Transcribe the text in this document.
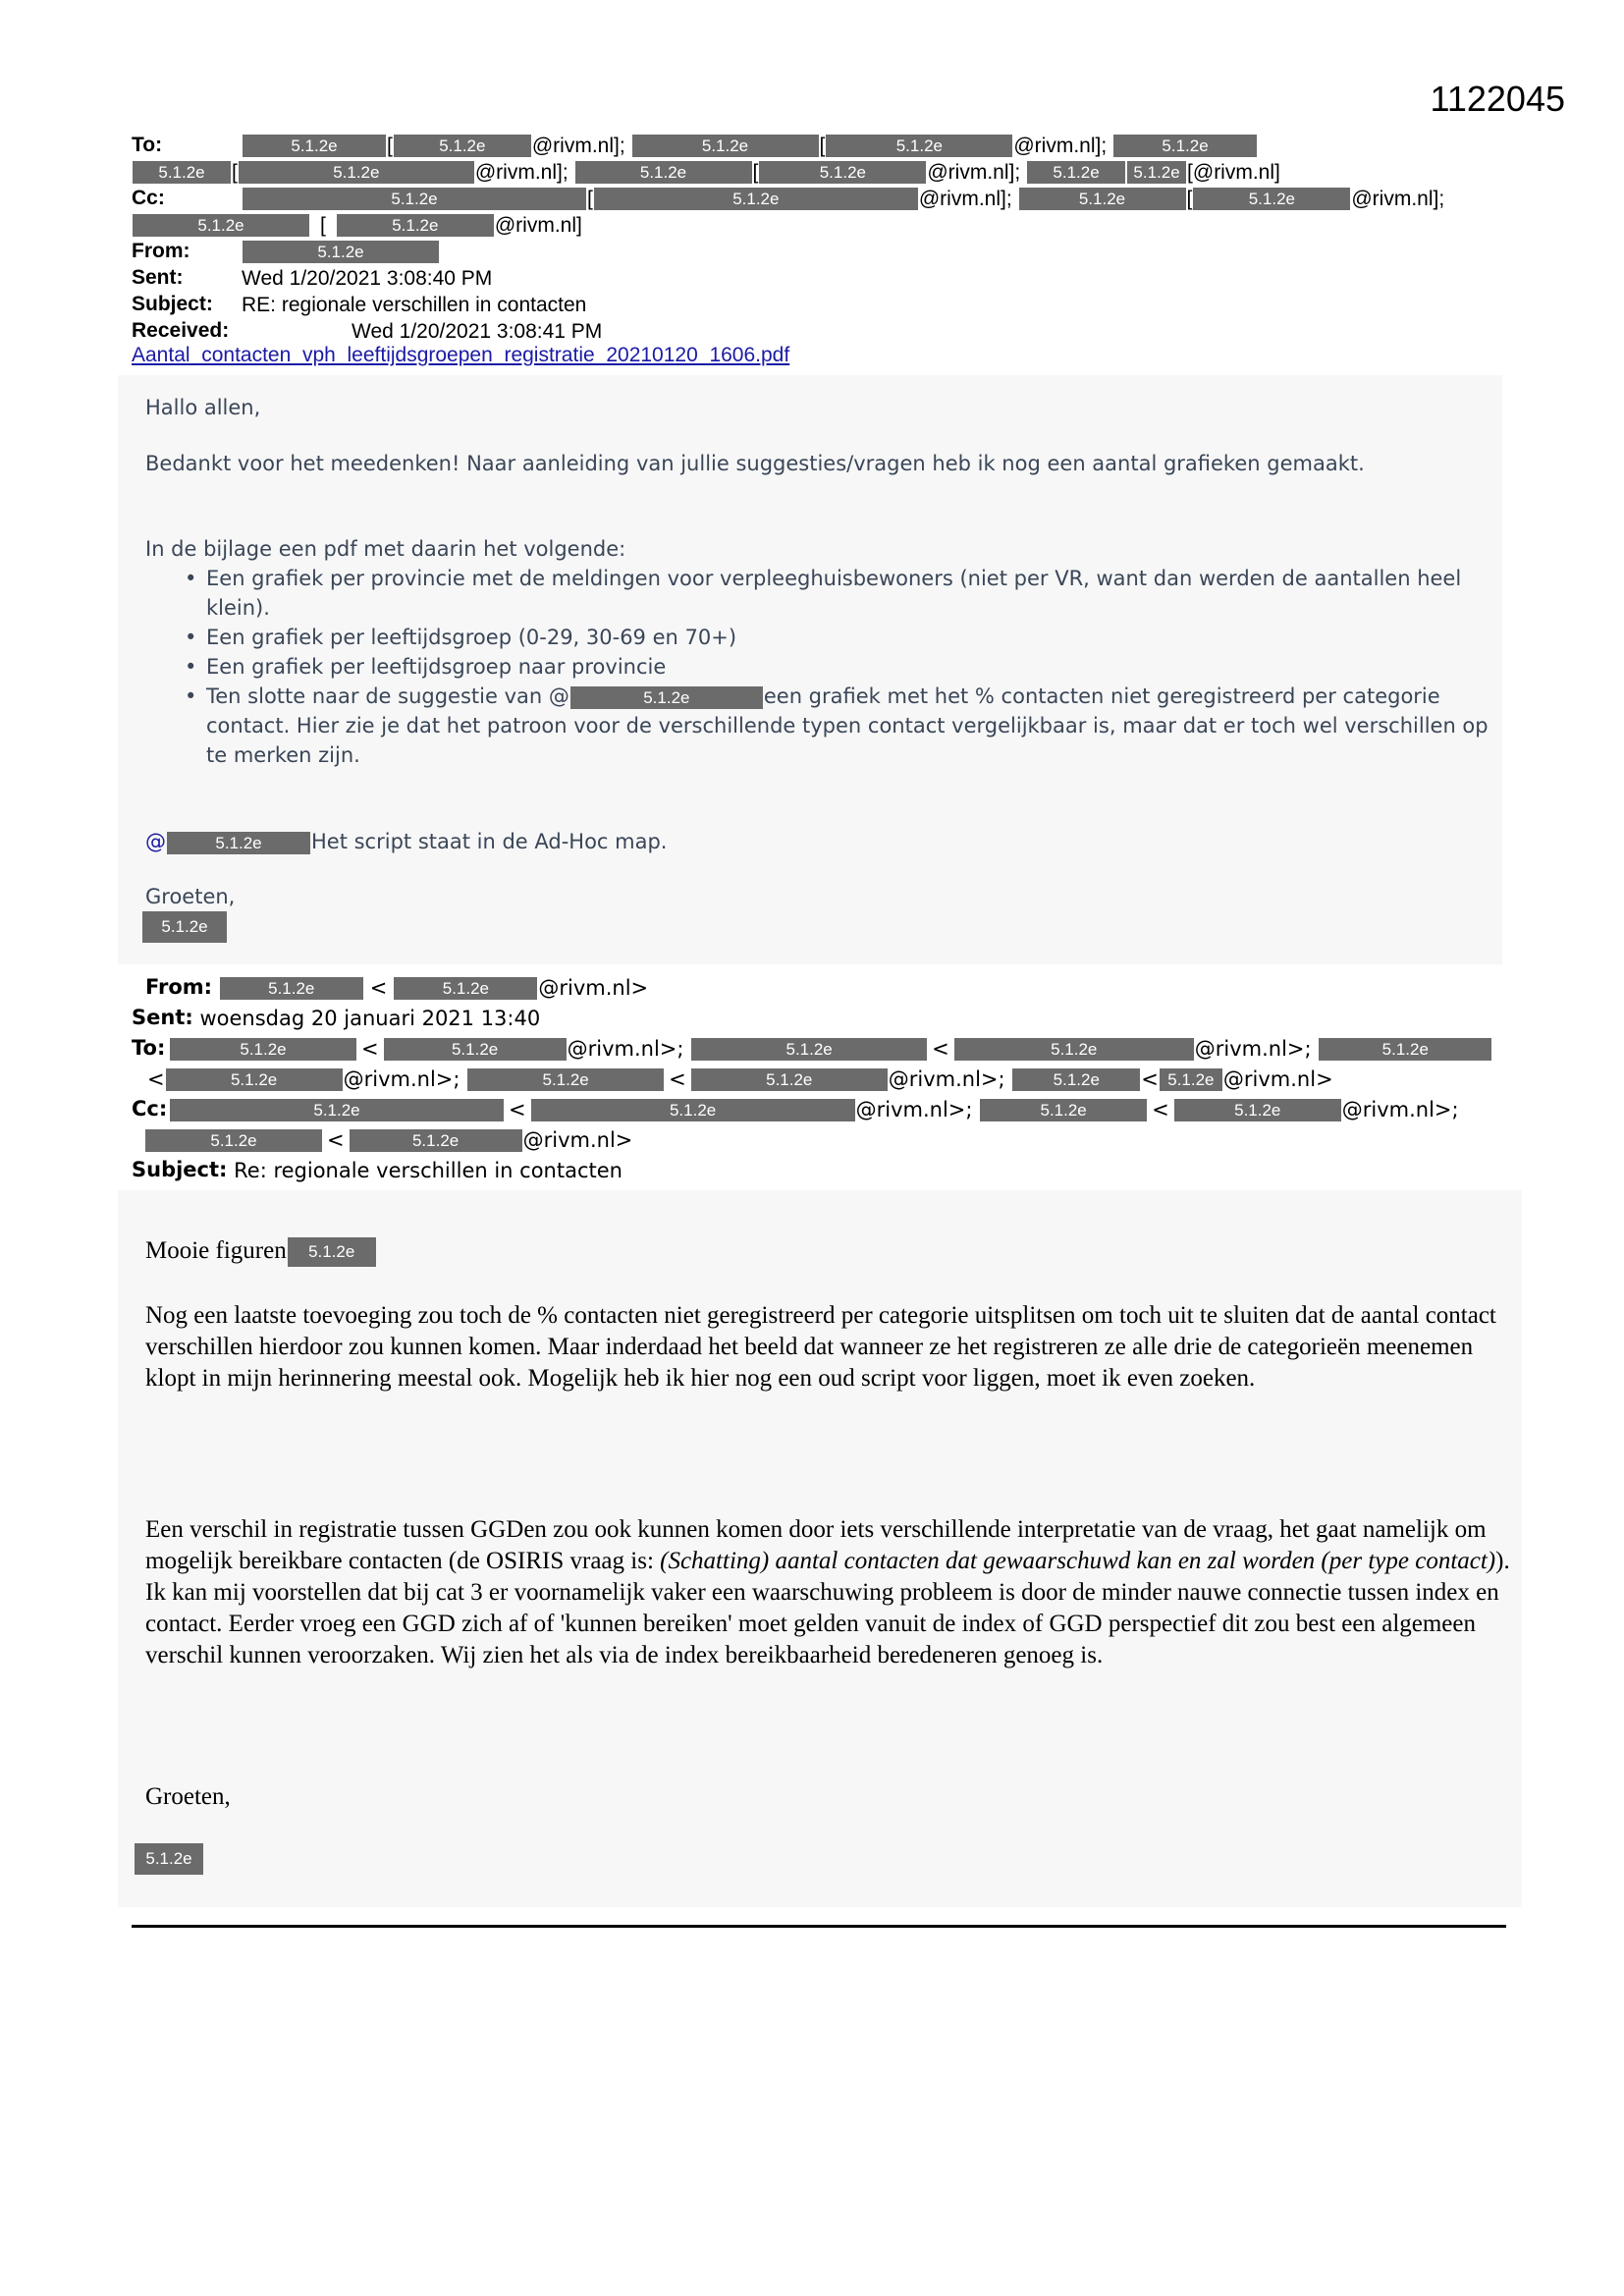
1122045
To:	5.1.2e [	5.1.2e @rivm.nl];	5.1.2e	[	5.1.2e	@rivm.nl];	5.1.2e
5.1.2e [	5.1.2e	@rivm.nl];	5.1.2e	[	5.1.2e	@rivm.nl]; 5.1.2e 5.1.2e [@rivm.nl]
Cc:	5.1.2e	[	5.1.2e	@rivm.nl];	5.1.2e	[	5.1.2e	@rivm.nl];
5.1.2e	[	5.1.2e	@rivm.nl]
From:	5.1.2e
Sent:	Wed 1/20/2021 3:08:40 PM
Subject: RE: regionale verschillen in contacten
Received:	Wed 1/20/2021 3:08:41 PM
Aantal_contacten_vph_leeftijdsgroepen_registratie_20210120_1606.pdf

Hallo allen,

Bedankt voor het meedenken! Naar aanleiding van jullie suggesties/vragen heb ik nog een aantal grafieken gemaakt.

In de bijlage een pdf met daarin het volgende:

• Een grafiek per provincie met de meldingen voor verpleeghuisbewoners (niet per VR, want dan werden de aantallen heel klein).
• Een grafiek per leeftijdsgroep (0-29, 30-69 en 70+)
• Een grafiek per leeftijdsgroep naar provincie
• Ten slotte naar de suggestie van @	5.1.2e	een grafiek met het % contacten niet geregistreerd per categorie contact. Hier zie je dat het patroon voor de verschillende typen contact vergelijkbaar is, maar dat er toch wel verschillen op te merken zijn.

@	5.1.2e Het script staat in de Ad-Hoc map.

Groeten,

5.1.2e

From:	5.1.2e	<	5.1.2e @rivm.nl>
Sent: woensdag 20 januari 2021 13:40
To:	5.1.2e	<	5.1.2e	@rivm.nl>;	5.1.2e	<	5.1.2e	@rivm.nl>;	5.1.2e
<	5.1.2e	@rivm.nl>;	5.1.2e	<	5.1.2e	@rivm.nl>;	5.1.2e < 5.1.2e @rivm.nl>
Cc:	5.1.2e	<	5.1.2e	@rivm.nl>;	5.1.2e	<	5.1.2e	@rivm.nl>;
5.1.2e	<	5.1.2e	@rivm.nl>
Subject: Re: regionale verschillen in contacten

Mooie figuren 5.1.2e

Nog een laatste toevoeging zou toch de % contacten niet geregistreerd per categorie uitsplitsen om toch uit te sluiten dat de aantal contact verschillen hierdoor zou kunnen komen. Maar inderdaad het beeld dat wanneer ze het registreren ze alle drie de categorieën meenemen klopt in mijn herinnering meestal ook. Mogelijk heb ik hier nog een oud script voor liggen, moet ik even zoeken.

Een verschil in registratie tussen GGDen zou ook kunnen komen door iets verschillende interpretatie van de vraag, het gaat namelijk om mogelijk bereikbare contacten (de OSIRIS vraag is: (Schatting) aantal contacten dat gewaarschuwd kan en zal worden (per type contact)). Ik kan mij voorstellen dat bij cat 3 er voornamelijk vaker een waarschuwing probleem is door de minder nauwe connectie tussen index en contact. Eerder vroeg een GGD zich af of 'kunnen bereiken' moet gelden vanuit de index of GGD perspectief dit zou best een algemeen verschil kunnen veroorzaken. Wij zien het als via de index bereikbaarheid beredeneren genoeg is.

Groeten,

5.1.2e
